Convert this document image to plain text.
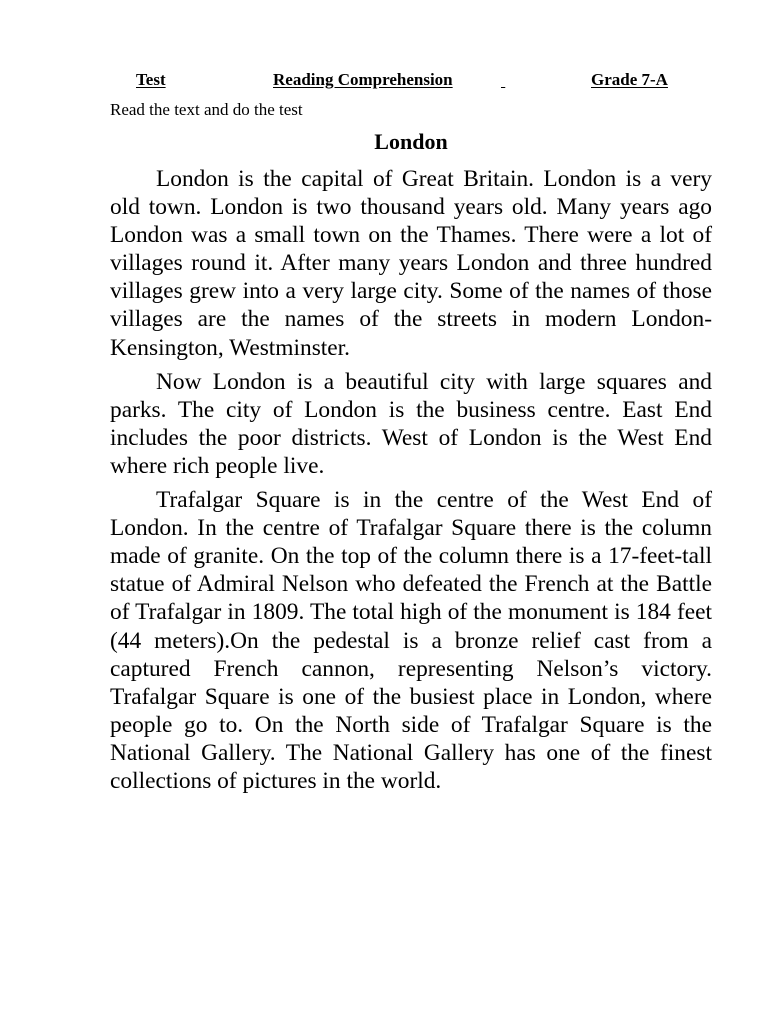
Test	Reading Comprehension
	Grade 7-A
Read the text and do the test
London

London is the capital of Great Britain. London is a very old town. London is two thousand years old. Many years ago London was a small town on the Thames. There were a lot of villages round it. After many years London and three hundred villages grew into a very large city. Some of the names of those villages are the names of the streets in modern London-Kensington, Westminster.

Now London is a beautiful city with large squares and parks. The city of London is the business centre. East End includes the poor districts. West of London is the West End where rich people live.

Trafalgar Square is in the centre of the West End of London. In the centre of Trafalgar Square there is the column made of granite. On the top of the column there is a 17-feet-tall statue of Admiral Nelson who defeated the French at the Battle of Trafalgar in 1809. The total high of the monument is 184 feet (44 meters).On the pedestal is a bronze relief cast from a captured French cannon, representing Nelson’s victory. Trafalgar Square is one of the busiest place in London, where people go to. On the North side of Trafalgar Square is the National Gallery. The National Gallery has one of the finest collections of pictures in the world.
